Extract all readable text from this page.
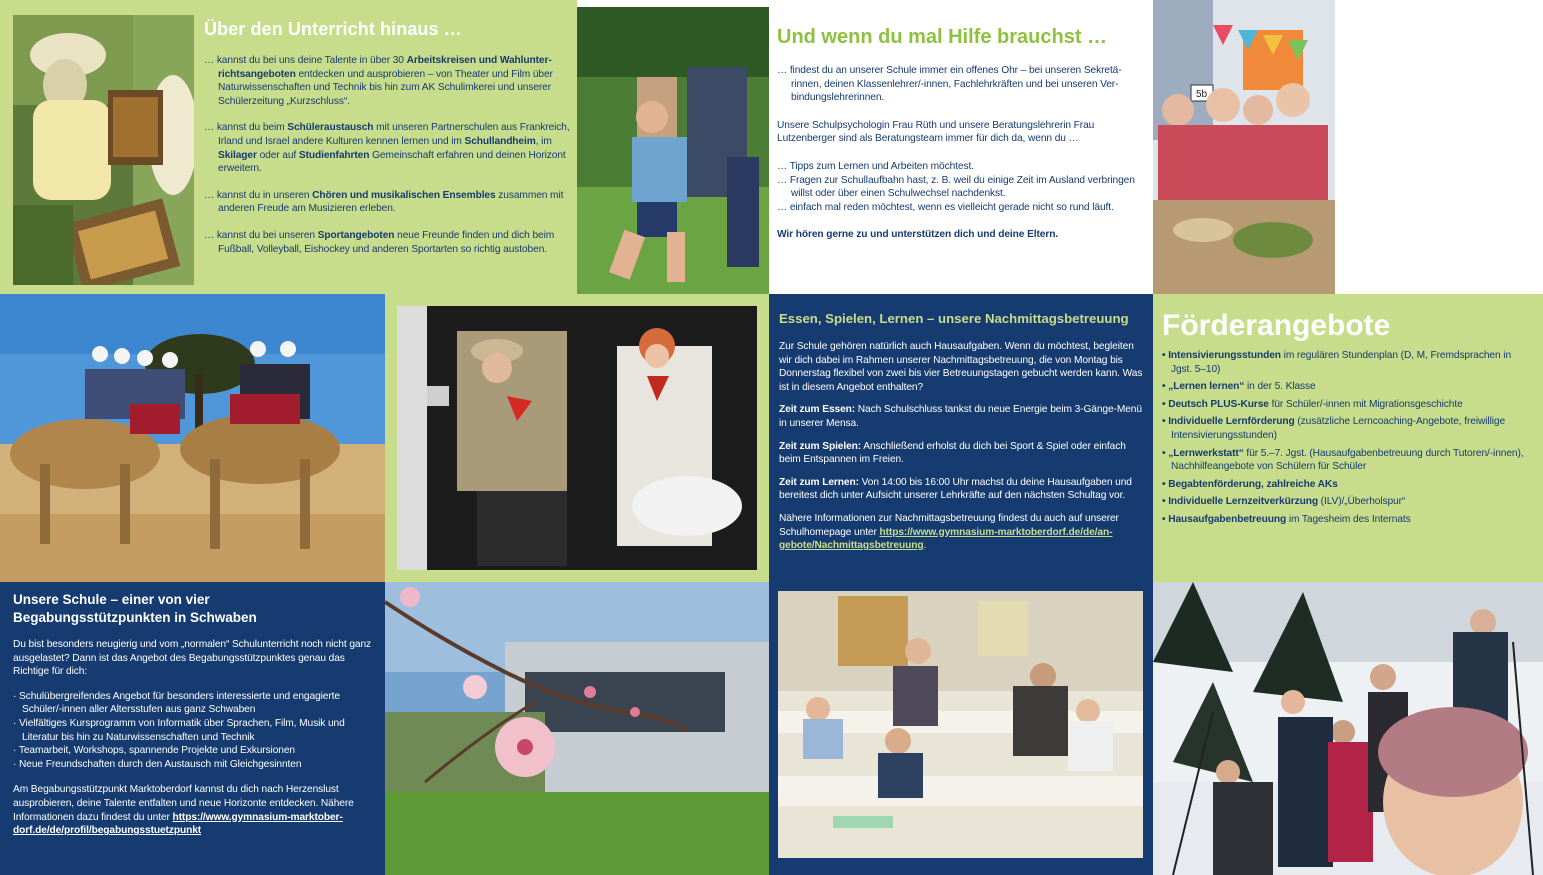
5b
Über den Unterricht hinaus …

… kannst du bei uns deine Talente in über 30 Arbeitskreisen und Wahlunterrichtsangeboten entdecken und ausprobieren – von Theater und Film über Naturwissenschaften und Technik bis hin zum AK Schulimkerei und unserer Schülerzeitung „Kurzschluss“.

… kannst du beim Schüleraustausch mit unseren Partnerschulen aus Frankreich, Irland und Israel andere Kulturen kennen lernen und im Schullandheim, im Skilager oder auf Studienfahrten Gemeinschaft erfahren und deinen Horizont erweitern.

… kannst du in unseren Chören und musikalischen Ensembles zusammen mit anderen Freude am Musizieren erleben.

… kannst du bei unseren Sportangeboten neue Freunde finden und dich beim Fußball, Volleyball, Eishockey und anderen Sportarten so richtig austoben.

Und wenn du mal Hilfe brauchst …

… findest du an unserer Schule immer ein offenes Ohr – bei unseren Sekretärinnen, deinen Klassenlehrer/-innen, Fachlehrkräften und bei unseren Verbindungslehrerinnen.

Unsere Schulpsychologin Frau Rüth und unsere Beratungslehrerin Frau Lutzenberger sind als Beratungsteam immer für dich da, wenn du …

… Tipps zum Lernen und Arbeiten möchtest.

… Fragen zur Schullaufbahn hast, z. B. weil du einige Zeit im Ausland verbringen willst oder über einen Schulwechsel nachdenkst.

… einfach mal reden möchtest, wenn es vielleicht gerade nicht so rund läuft.

Wir hören gerne zu und unterstützen dich und deine Eltern.

Essen, Spielen, Lernen – unsere Nachmittagsbetreuung

Zur Schule gehören natürlich auch Hausaufgaben. Wenn du möchtest, begleiten wir dich dabei im Rahmen unserer Nachmittagsbetreuung, die von Montag bis Donnerstag flexibel von zwei bis vier Betreuungstagen gebucht werden kann. Was ist in diesem Angebot enthalten?

Zeit zum Essen: Nach Schulschluss tankst du neue Energie beim 3-Gänge-Menü in unserer Mensa.

Zeit zum Spielen: Anschließend erholst du dich bei Sport & Spiel oder einfach beim Entspannen im Freien.

Zeit zum Lernen: Von 14:00 bis 16:00 Uhr machst du deine Hausaufgaben und bereitest dich unter Aufsicht unserer Lehrkräfte auf den nächsten Schultag vor.

Nähere Informationen zur Nachmittagsbetreuung findest du auch auf unserer Schulhomepage unter https://www.gymnasium-marktoberdorf.de/de/angebote/Nachmittagsbetreuung.

Förderangebote

• Intensivierungsstunden im regulären Stundenplan (D, M, Fremdsprachen in Jgst. 5–10)

• „Lernen lernen“ in der 5. Klasse

• Deutsch PLUS-Kurse für Schüler/-innen mit Migrationsgeschichte

• Individuelle Lernförderung (zusätzliche Lerncoaching-Angebote, freiwillige Intensivierungsstunden)

• „Lernwerkstatt“ für 5.–7. Jgst. (Hausaufgabenbetreuung durch Tutoren/-innen), Nachhilfeangebote von Schülern für Schüler

• Begabtenförderung, zahlreiche AKs

• Individuelle Lernzeitverkürzung (ILV)/„Überholspur“

• Hausaufgabenbetreuung im Tagesheim des Internats

Unsere Schule – einer von vier Begabungsstützpunkten in Schwaben

Du bist besonders neugierig und vom „normalen“ Schulunterricht noch nicht ganz ausgelastet? Dann ist das Angebot des Begabungsstützpunktes genau das Richtige für dich:

· Schulübergreifendes Angebot für besonders interessierte und engagierte Schüler/-innen aller Altersstufen aus ganz Schwaben

· Vielfältiges Kursprogramm von Informatik über Sprachen, Film, Musik und Literatur bis hin zu Naturwissenschaften und Technik

· Teamarbeit, Workshops, spannende Projekte und Exkursionen

· Neue Freundschaften durch den Austausch mit Gleichgesinnten

Am Begabungsstützpunkt Marktoberdorf kannst du dich nach Herzenslust ausprobieren, deine Talente entfalten und neue Horizonte entdecken. Nähere Informationen dazu findest du unter https://www.gymnasium-marktoberdorf.de/de/profil/begabungsstuetzpunkt
